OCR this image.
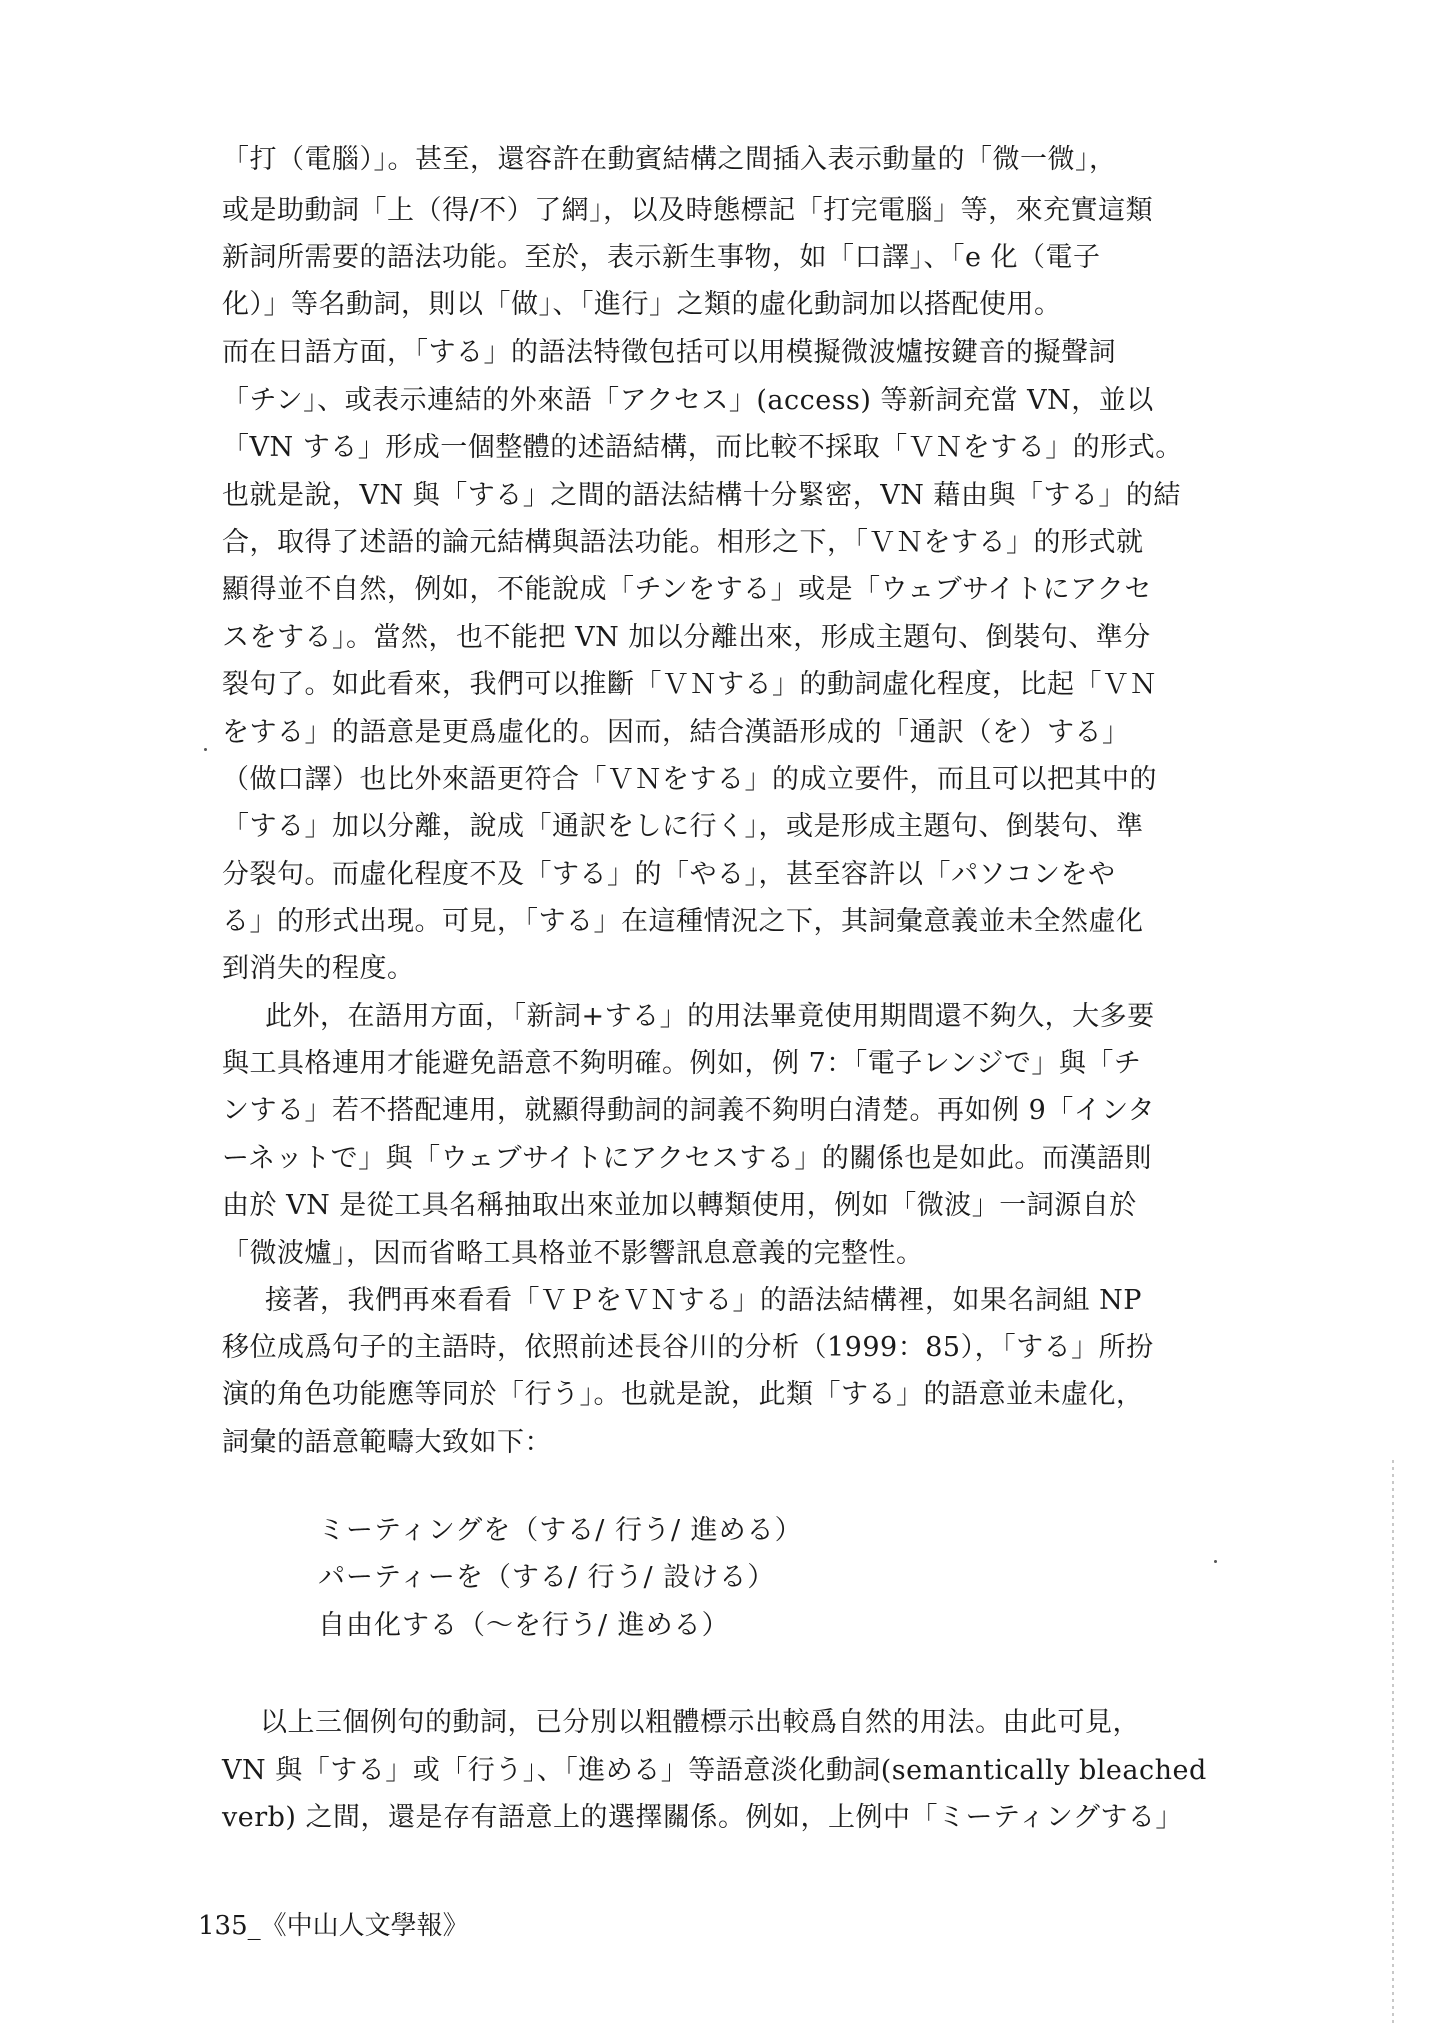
「打（電腦）」。甚至，還容許在動賓結構之間插入表示動量的「微一微」，
或是助動詞「上（得/不）了網」，以及時態標記「打完電腦」等，來充實這類
新詞所需要的語法功能。至於，表示新生事物，如「口譯」、「e 化（電子
化）」等名動詞，則以「做」、「進行」之類的虛化動詞加以搭配使用。
而在日語方面，「する」的語法特徵包括可以用模擬微波爐按鍵音的擬聲詞
「チン」、或表示連結的外來語「アクセス」(access) 等新詞充當 VN，並以
「VN する」形成一個整體的述語結構，而比較不採取「ＶＮをする」的形式。
也就是說，VN 與「する」之間的語法結構十分緊密，VN 藉由與「する」的結
合，取得了述語的論元結構與語法功能。相形之下，「ＶＮをする」的形式就
顯得並不自然，例如，不能說成「チンをする」或是「ウェブサイトにアクセ
スをする」。當然，也不能把 VN 加以分離出來，形成主題句、倒裝句、準分
裂句了。如此看來，我們可以推斷「ＶＮする」的動詞虛化程度，比起「ＶＮ
をする」的語意是更爲虛化的。因而，結合漢語形成的「通訳（を）する」
（做口譯）也比外來語更符合「ＶＮをする」的成立要件，而且可以把其中的
「する」加以分離，說成「通訳をしに行く」，或是形成主題句、倒裝句、準
分裂句。而虛化程度不及「する」的「やる」，甚至容許以「パソコンをや
る」的形式出現。可見，「する」在這種情況之下，其詞彙意義並未全然虛化
到消失的程度。
此外，在語用方面，「新詞+する」的用法畢竟使用期間還不夠久，大多要
與工具格連用才能避免語意不夠明確。例如，例 7：「電子レンジで」與「チ
ンする」若不搭配連用，就顯得動詞的詞義不夠明白清楚。再如例 9「インタ
ーネットで」與「ウェブサイトにアクセスする」的關係也是如此。而漢語則
由於 VN 是從工具名稱抽取出來並加以轉類使用，例如「微波」一詞源自於
「微波爐」，因而省略工具格並不影響訊息意義的完整性。
接著，我們再來看看「ＶＰをＶＮする」的語法結構裡，如果名詞組 NP
移位成爲句子的主語時，依照前述長谷川的分析（1999：85），「する」所扮
演的角色功能應等同於「行う」。也就是說，此類「する」的語意並未虛化，
詞彙的語意範疇大致如下：
ミーティングを（する/ 行う/ 進める）
パーティーを（する/ 行う/ 設ける）
自由化する（～を行う/ 進める）
以上三個例句的動詞，已分別以粗體標示出較爲自然的用法。由此可見，
VN 與「する」或「行う」、「進める」等語意淡化動詞(semantically bleached
verb) 之間，還是存有語意上的選擇關係。例如，上例中「ミーティングする」
135_《中山人文學報》
